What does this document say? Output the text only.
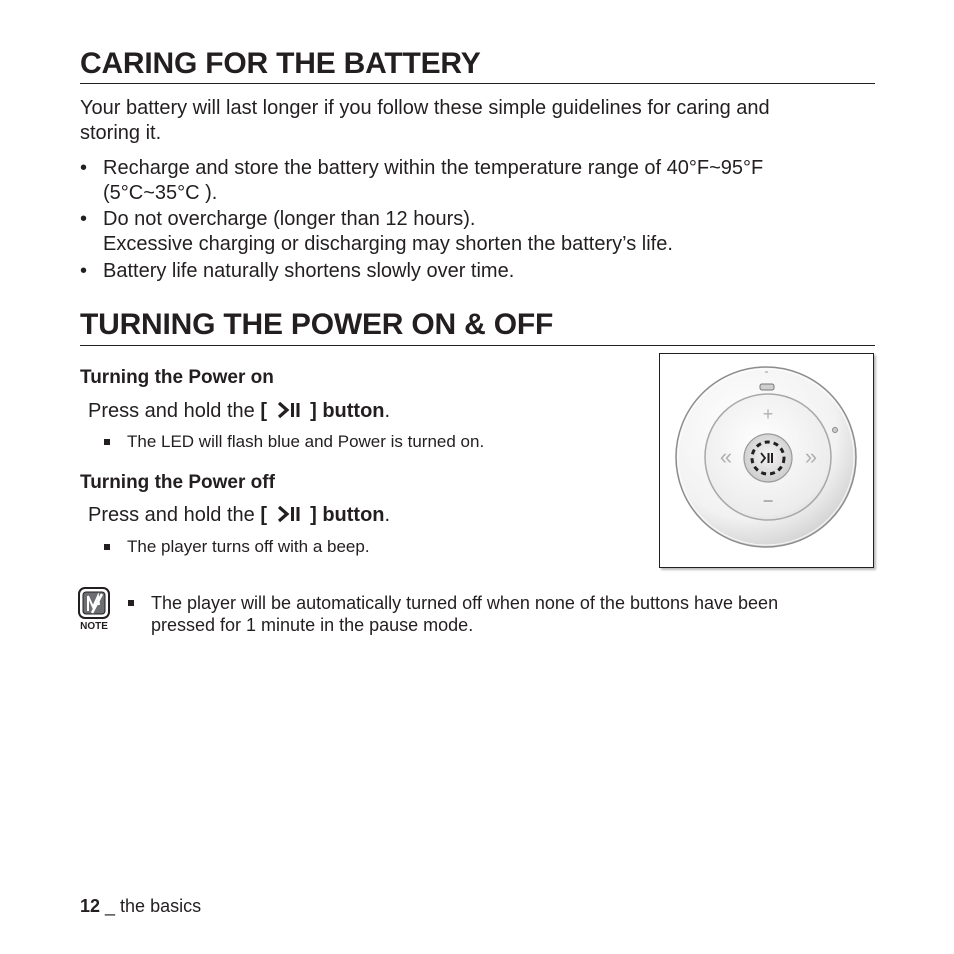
CARING FOR THE BATTERY
Your battery will last longer if you follow these simple guidelines for caring and
storing it.
• Recharge and store the battery within the temperature range of 40°F~95°F
(5°C~35°C ).
• Do not overcharge (longer than 12 hours).
Excessive charging or discharging may shorten the battery’s life.
• Battery life naturally shortens slowly over time.
TURNING THE POWER ON & OFF
Turning the Power on
Press and hold the [  ] button.
The LED will flash blue and Power is turned on.
Turning the Power off
Press and hold the [  ] button.
The player turns off with a beep.
+
−
«	»
NOTE
The player will be automatically turned off when none of the buttons have been
pressed for 1 minute in the pause mode.
12 _ the basics
